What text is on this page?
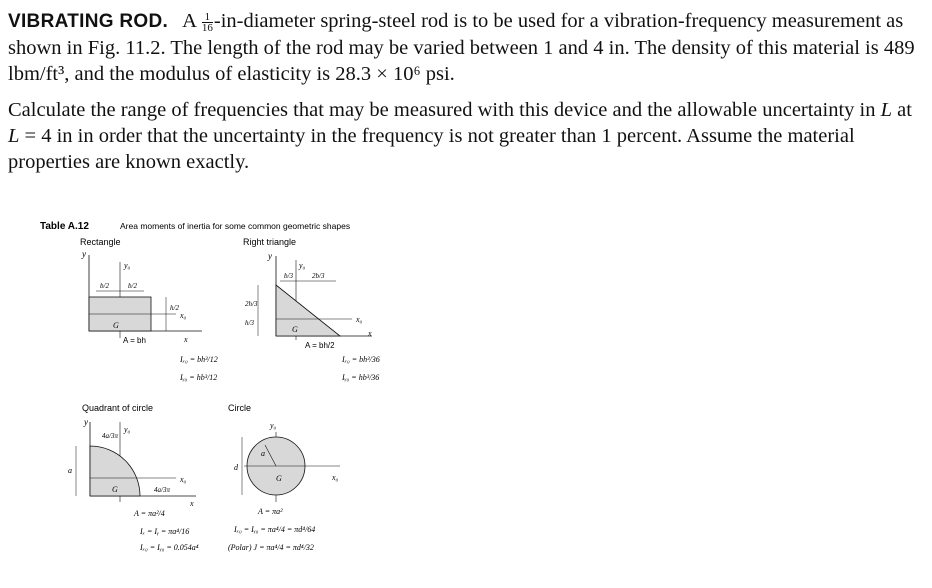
VIBRATING ROD. A $\frac{1}{16}$ -in-diameter spring-steel rod is to be used for a vibration-frequency measurement as shown in Fig. 11.2. The length of the rod may be varied between 1 and 4 in. The density of this material is 489 lbm/ft³, and the modulus of elasticity is 28.3 × 10⁶ psi.

Calculate the range of frequencies that may be measured with this device and the allowable uncertainty in L at L = 4 in in order that the uncertainty in the frequency is not greater than 1 percent. Assume the material properties are known exactly.

Table A.12	Area moments of inertia for some common geometric shapes
Rectangle
y
y₀
x₀
b/2	b/2
h/2
G
x
A = bh
Iₓ₀ = bh³/12
Iᵧ₀ = hb³/12
Right triangle
y
y₀
x₀
b/3	2b/3
2h/3
h/3
G	x
A = bh/2
Iₓ₀ = bh³/36
Iᵧ₀ = hb³/36
Quadrant of circle
y
y₀
x₀
4a/3π
a
4a/3π
G
x
A = πa²/4
Iₓ = Iᵧ = πa⁴/16
Iₓ₀ = Iᵧ₀ = 0.054a⁴
Circle
y₀
x₀
a
d
G
A = πa²
Iₓ₀ = Iᵧ₀ = πa⁴/4 = πd⁴/64
(Polar) J = πa⁴/4 = πd⁴/32
